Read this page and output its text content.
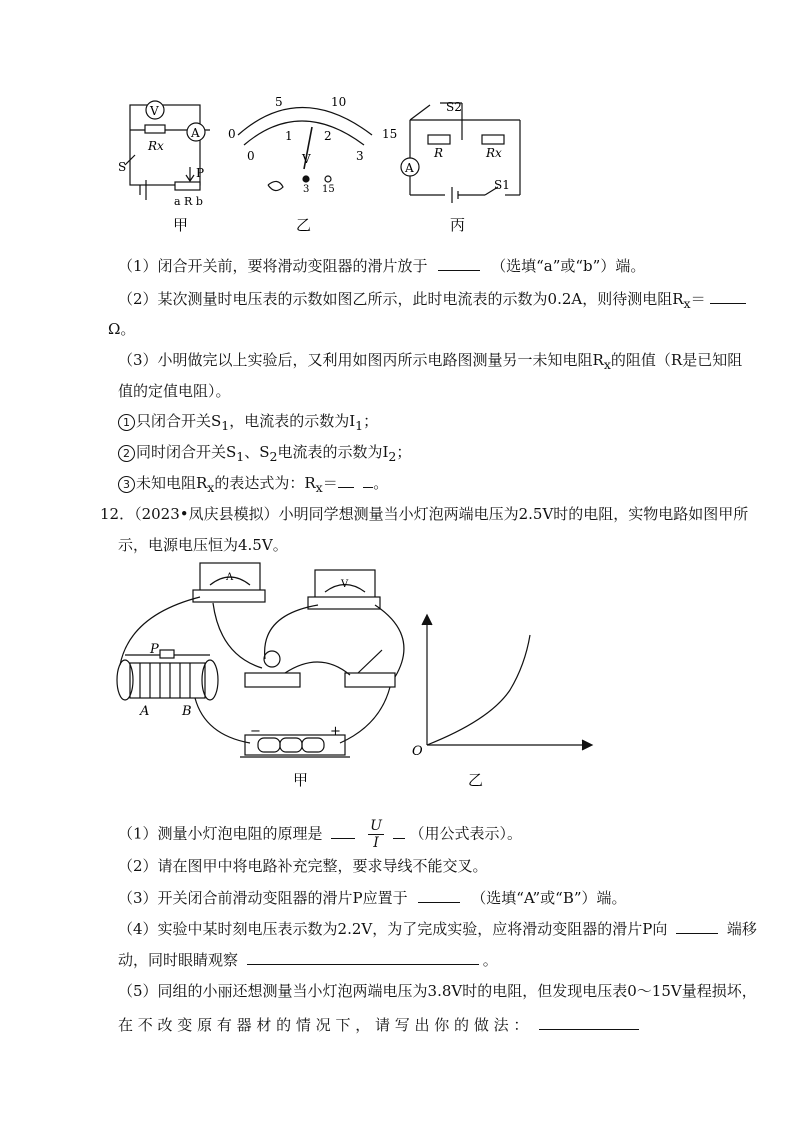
V
A
Rx
S	P
a R b
甲
0
5	10
15
0
1	2
3
V
3 15
乙
S2
R	Rx
A
S1
丙
（1）闭合开关前，要将滑动变阻器的滑片放于	（选填“a”或“b”）端。
（2）某次测量时电压表的示数如图乙所示，此时电流表的示数为0.2A，则待测电阻$R_x=$
Ω。
（3）小明做完以上实验后，又利用如图丙所示电路图测量另一未知电阻$R_x$的阻值（R是已知阻
值的定值电阻）。
1 只闭合开关$S_1$，电流表的示数为$I_1$；
2 同时闭合开关$S_1$、$S_2$电流表的示数为$I_2$；
3 未知电阻$R_x$的表达式为：$R_x=$ 。
12．（2023•凤庆县模拟）小明同学想测量当小灯泡两端电压为2.5V时的电阻，实物电路如图甲所
示，电源电压恒为4.5V。
P
A	B
−	+
A
V
甲
O
乙
（1）测量小灯泡电阻的原理是	$\frac{U}{I}$ （用公式表示）。
（2）请在图甲中将电路补充完整，要求导线不能交叉。
（3）开关闭合前滑动变阻器的滑片P应置于	（选填“A”或“B”）端。
（4）实验中某时刻电压表示数为2.2V，为了完成实验，应将滑动变阻器的滑片P向	端移
动，同时眼睛观察	。
（5）同组的小丽还想测量当小灯泡两端电压为3.8V时的电阻，但发现电压表0～15V量程损坏，
在 不 改 变 原 有 器 材 的 情 况 下 ， 请 写 出 你 的 做 法 ：
